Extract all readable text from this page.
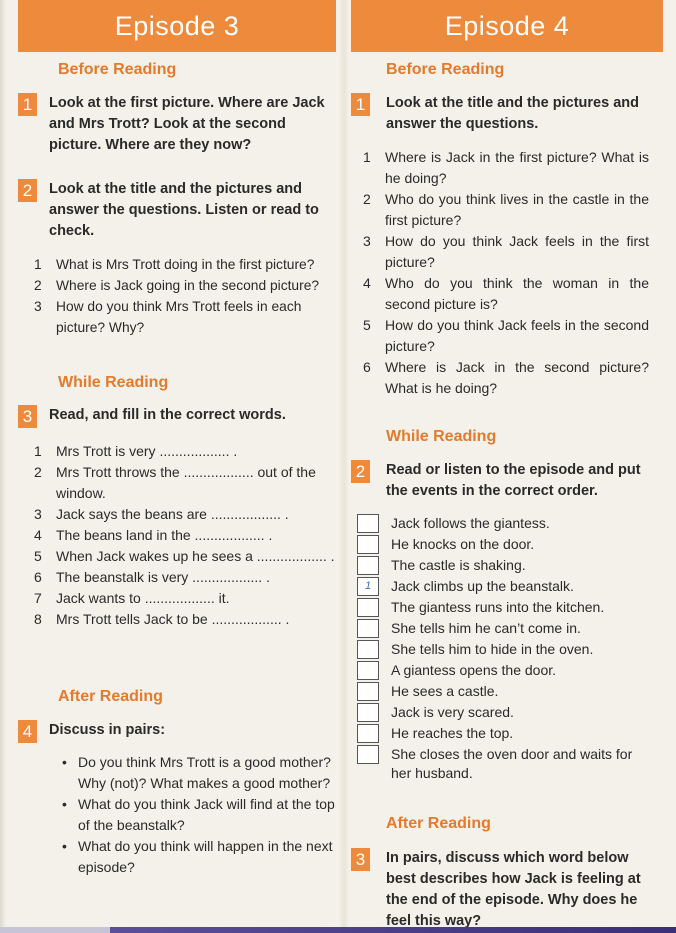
Episode 3
Before Reading
1	Look at the first picture. Where are Jack and Mrs Trott? Look at the second picture. Where are they now?
2	Look at the title and the pictures and answer the questions. Listen or read to check.
1	What is Mrs Trott doing in the first picture?
2	Where is Jack going in the second picture?
3	How do you think Mrs Trott feels in each picture? Why?
While Reading
3	Read, and fill in the correct words.
1	Mrs Trott is very .................. .
2	Mrs Trott throws the .................. out of the window.
3	Jack says the beans are .................. .
4	The beans land in the .................. .
5	When Jack wakes up he sees a .................. .
6	The beanstalk is very .................. .
7	Jack wants to .................. it.
8	Mrs Trott tells Jack to be .................. .
After Reading
4	Discuss in pairs:
• Do you think Mrs Trott is a good mother? Why (not)? What makes a good mother?
• What do you think Jack will find at the top of the beanstalk?
• What do you think will happen in the next episode?
Episode 4
Before Reading
1	Look at the title and the pictures and answer the questions.
1	Where is Jack in the first picture? What is he doing?
2	Who do you think lives in the castle in the first picture?
3	How do you think Jack feels in the first picture?
4	Who do you think the woman in the second picture is?
5	How do you think Jack feels in the second picture?
6	Where is Jack in the second picture? What is he doing?
While Reading
2	Read or listen to the episode and put the events in the correct order.
Jack follows the giantess.
He knocks on the door.
The castle is shaking.
1	Jack climbs up the beanstalk.
The giantess runs into the kitchen.
She tells him he can’t come in.
She tells him to hide in the oven.
A giantess opens the door.
He sees a castle.
Jack is very scared.
He reaches the top.
She closes the oven door and waits for her husband.
After Reading
3	In pairs, discuss which word below best describes how Jack is feeling at the end of the episode. Why does he feel this way?
